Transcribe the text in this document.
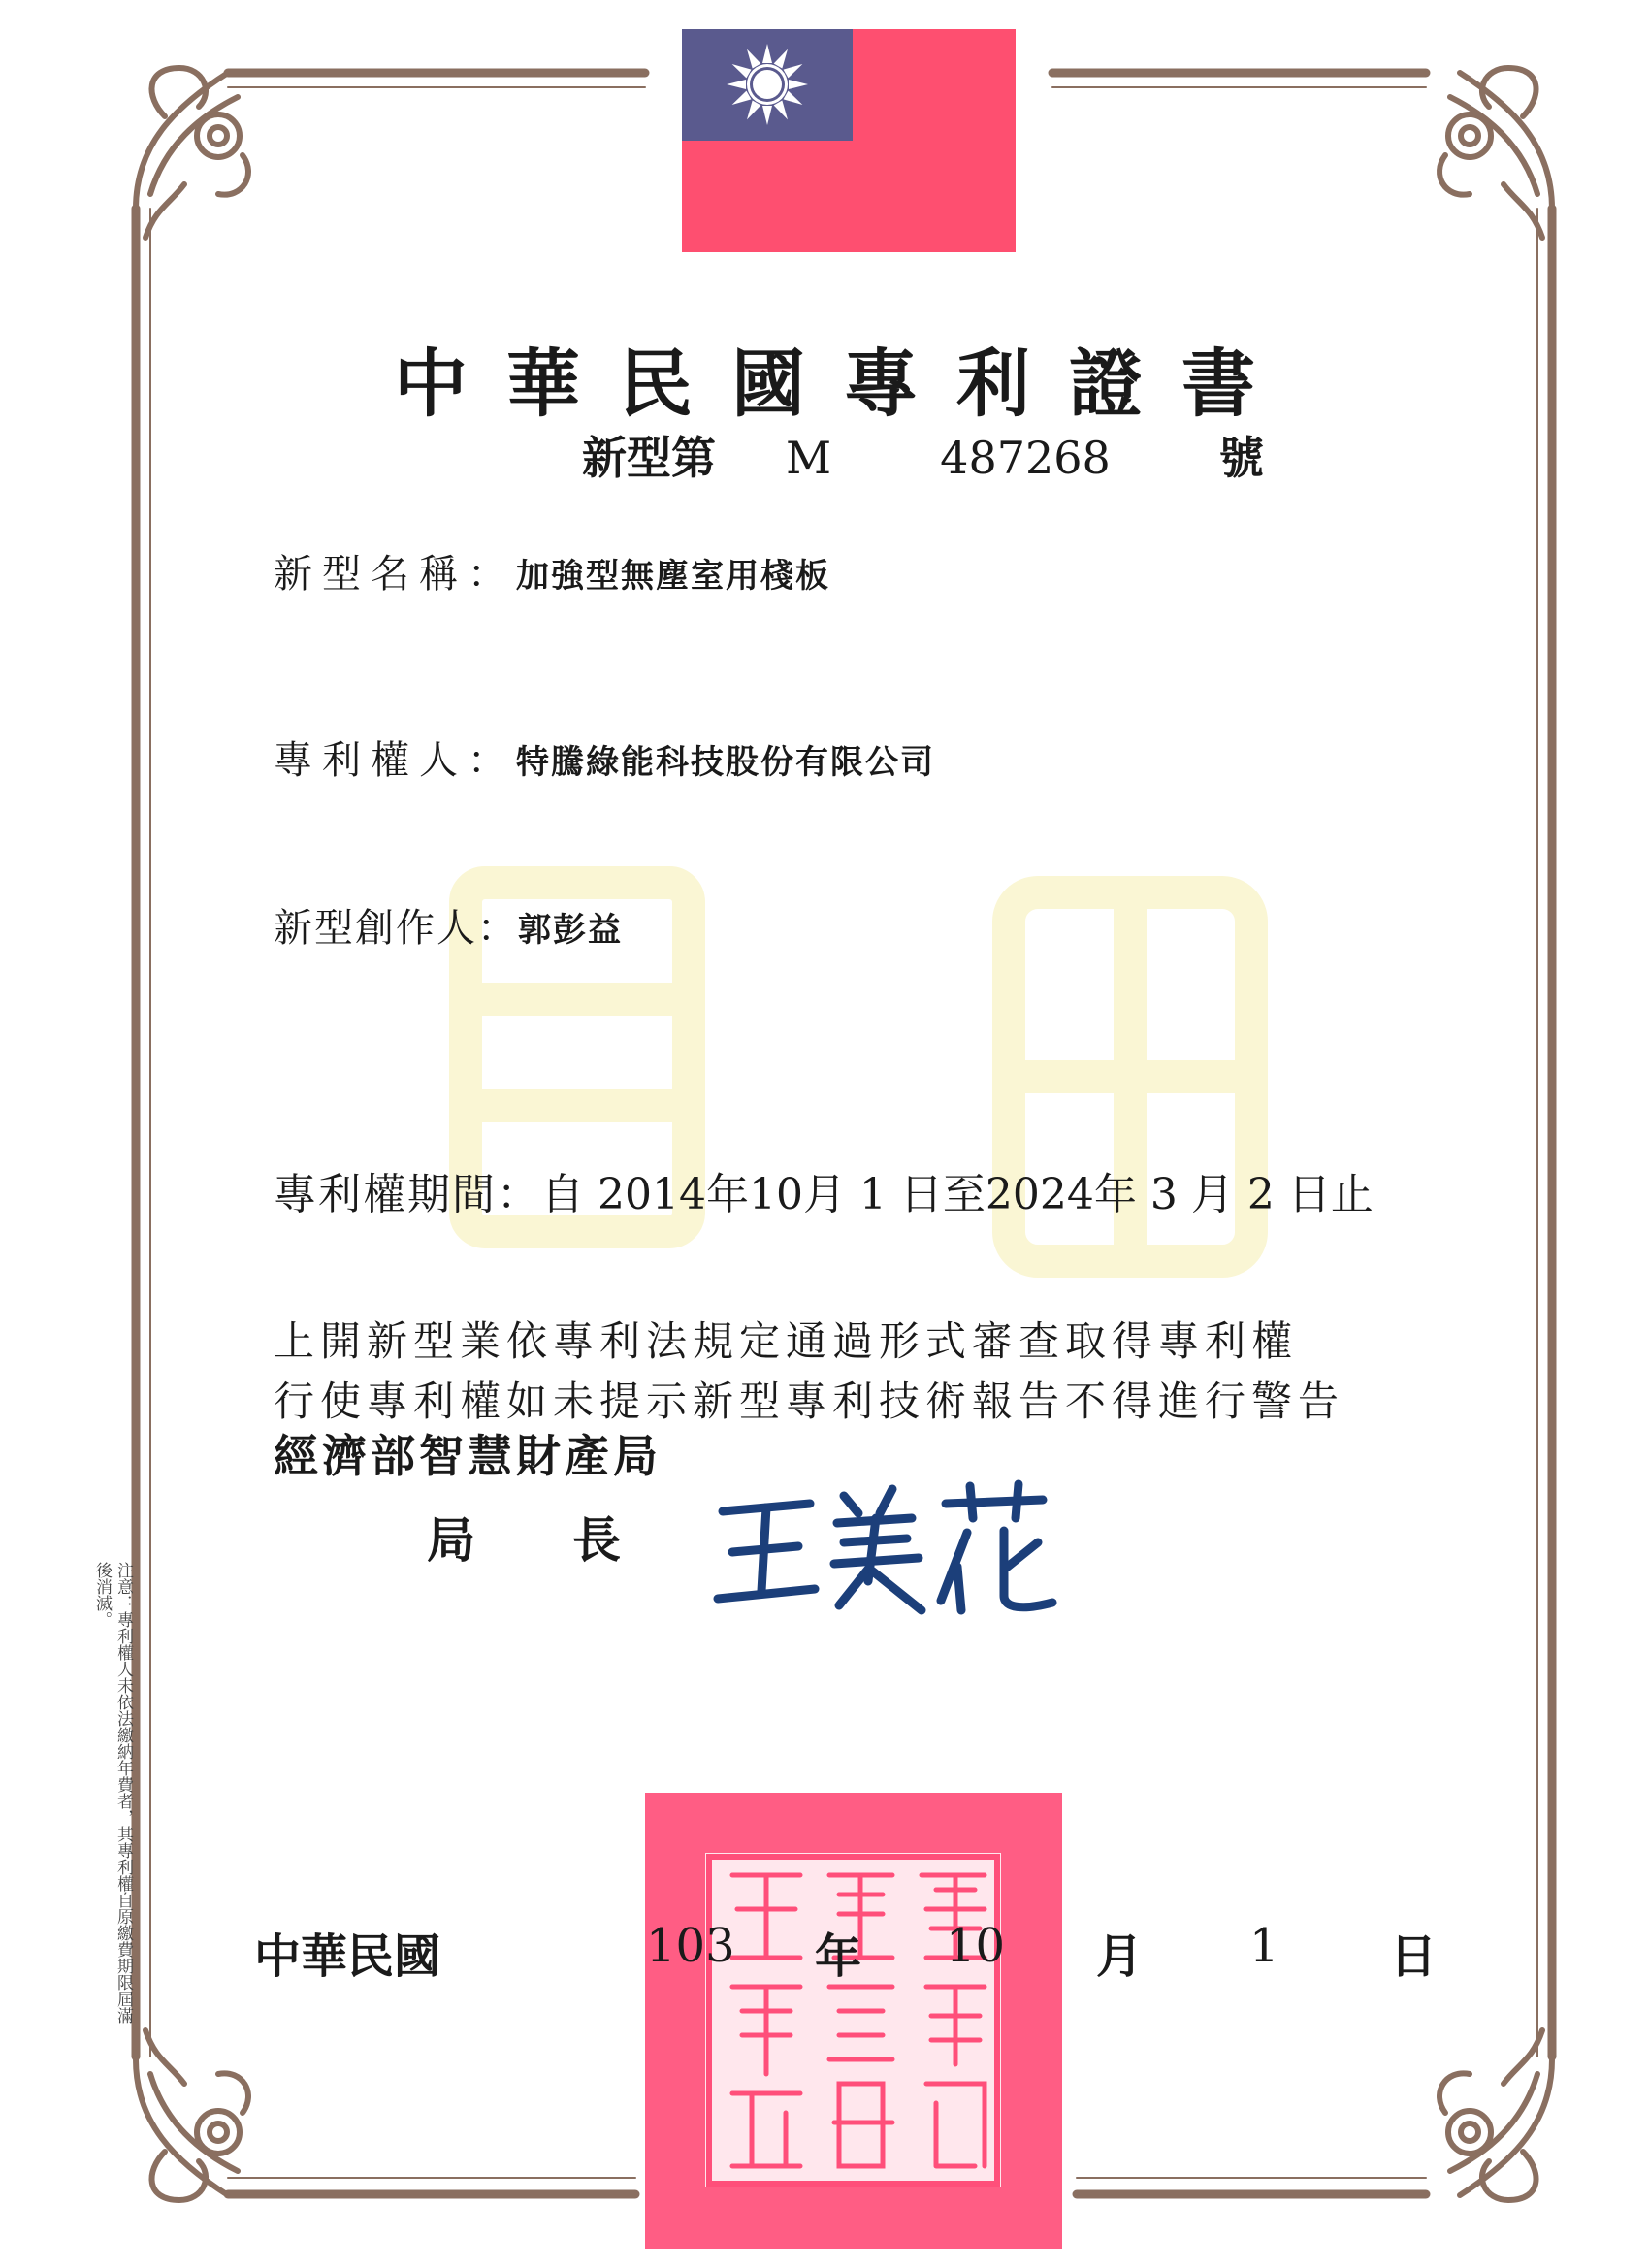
中華民國專利證書
新型第 M 487268 號
新型名稱：加強型無塵室用棧板
專利權人：特騰綠能科技股份有限公司
新型創作人：郭彭益
專利權期間：自 2014年10月 1 日至2024年 3 月 2 日止
上開新型業依專利法規定通過形式審查取得專利權
行使專利權如未提示新型專利技術報告不得進行警告
經濟部智慧財產局
局　　長
注意：專利權人未依法繳納年費者，其專利權自原繳費期限屆滿後消滅。
中華民國	103 年 10 月 1 日
